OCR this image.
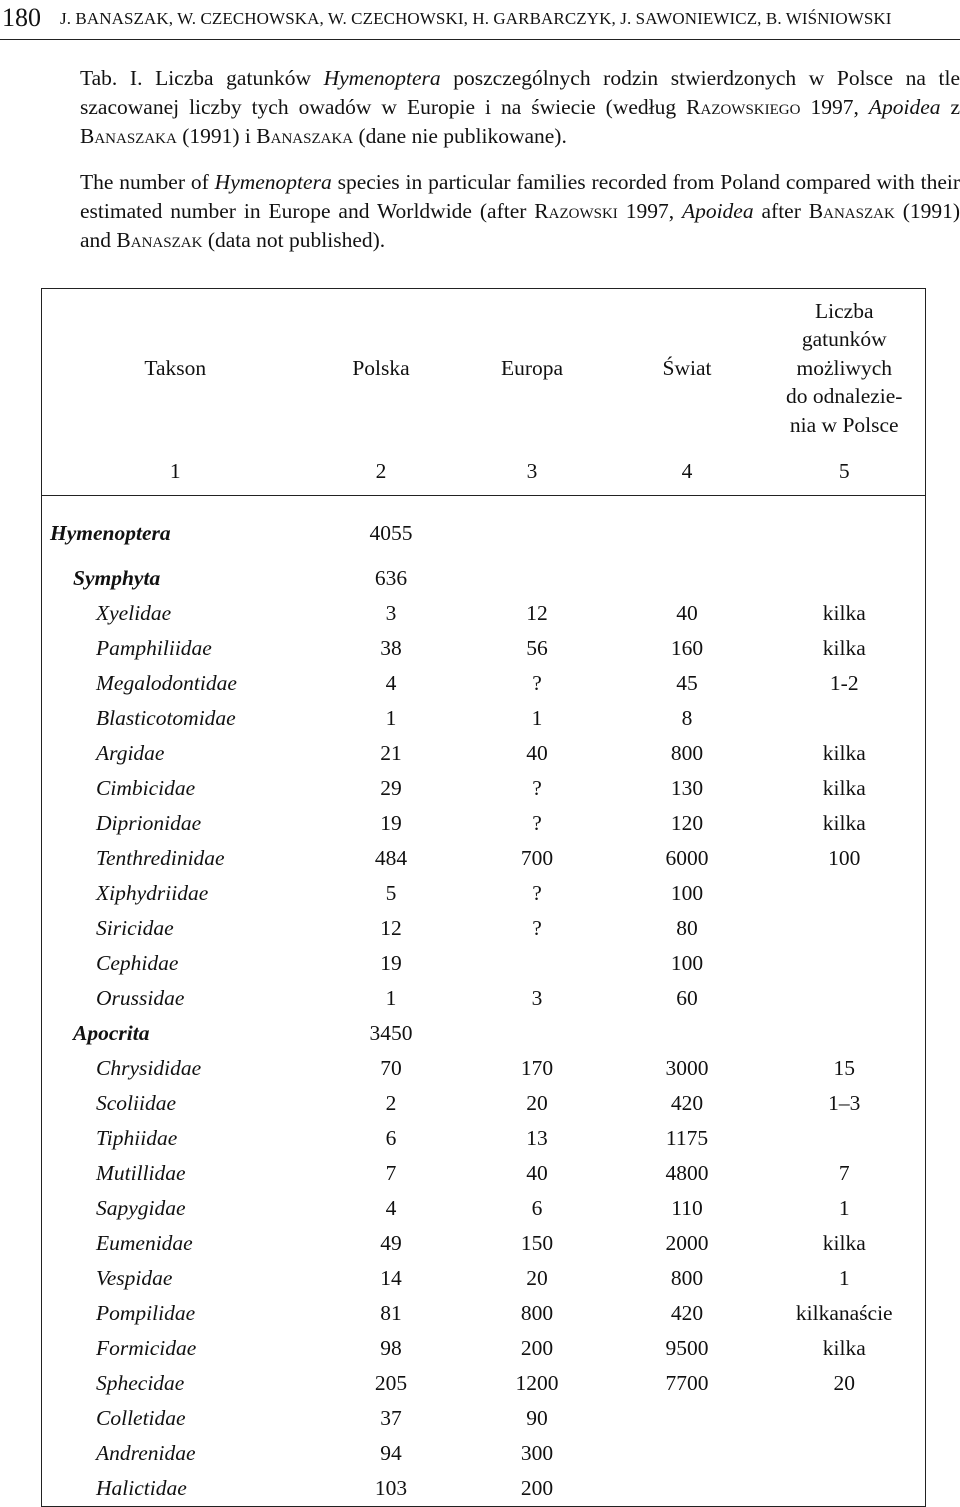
180 J. BANASZAK, W. CZECHOWSKA, W. CZECHOWSKI, H. GARBARCZYK, J. SAWONIEWICZ, B. WIŚNIOWSKI

Tab. I. Liczba gatunków Hymenoptera poszczególnych rodzin stwierdzonych w Polsce na tle szacowanej liczby tych owadów w Europie i na świecie (według Razowskiego 1997, Apoidea z Banaszaka (1991) i Banaszaka (dane nie publikowane).

The number of Hymenoptera species in particular families recorded from Poland compared with their estimated number in Europe and Worldwide (after Razowski 1997, Apoidea after Banaszak (1991) and Banaszak (data not published).

Takson	Polska	Europa	Świat	Liczba
gatunków
możliwych
do odnalezie-
nia w Polsce
1	2	3	4	5
Hymenoptera	4055			
Symphyta	636			
Xyelidae	3	12	40	kilka
Pamphiliidae	38	56	160	kilka
Megalodontidae	4	?	45	1-2
Blasticotomidae	1	1	8	
Argidae	21	40	800	kilka
Cimbicidae	29	?	130	kilka
Diprionidae	19	?	120	kilka
Tenthredinidae	484	700	6000	100
Xiphydriidae	5	?	100	
Siricidae	12	?	80	
Cephidae	19		100	
Orussidae	1	3	60	
Apocrita	3450			
Chrysididae	70	170	3000	15
Scoliidae	2	20	420	1–3
Tiphiidae	6	13	1175	
Mutillidae	7	40	4800	7
Sapygidae	4	6	110	1
Eumenidae	49	150	2000	kilka
Vespidae	14	20	800	1
Pompilidae	81	800	420	kilkanaście
Formicidae	98	200	9500	kilka
Sphecidae	205	1200	7700	20
Colletidae	37	90		
Andrenidae	94	300		
Halictidae	103	200		
